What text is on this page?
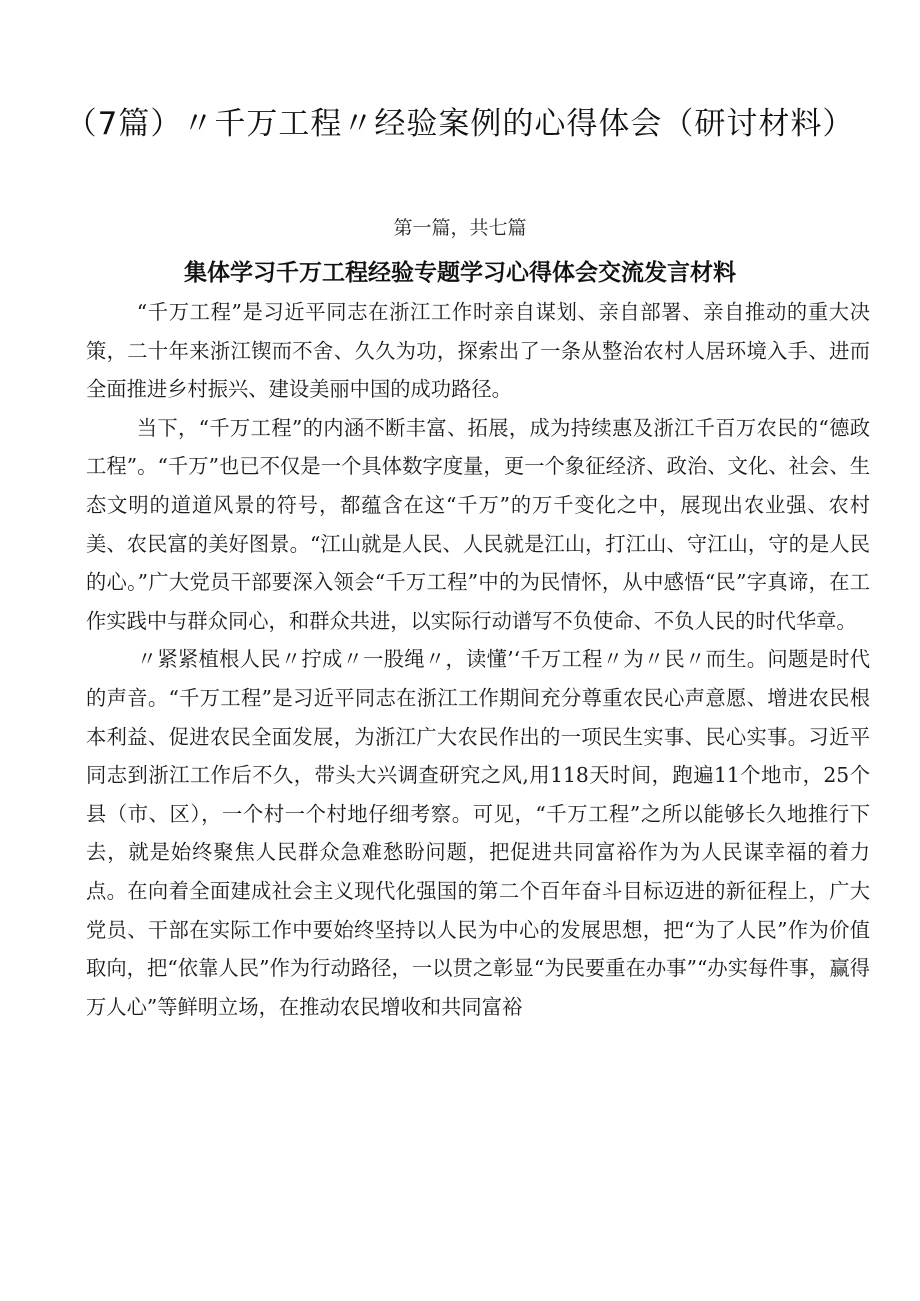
（7篇）〃千万工程〃经验案例的心得体会（研讨材料）
第一篇，共七篇
集体学习千万工程经验专题学习心得体会交流发言材料

“千万工程”是习近平同志在浙江工作时亲自谋划、亲自部署、亲自推动的重大决策，二十年来浙江锲而不舍、久久为功，探索出了一条从整治农村人居环境入手、进而全面推进乡村振兴、建设美丽中国的成功路径。

当下，“千万工程”的内涵不断丰富、拓展，成为持续惠及浙江千百万农民的“德政工程”。“千万”也已不仅是一个具体数字度量，更一个象征经济、政治、文化、社会、生态文明的道道风景的符号，都蕴含在这“千万”的万千变化之中，展现出农业强、农村美、农民富的美好图景。“江山就是人民、人民就是江山，打江山、守江山，守的是人民的心。”广大党员干部要深入领会“千万工程”中的为民情怀，从中感悟“民”字真谛，在工作实践中与群众同心，和群众共进，以实际行动谱写不负使命、不负人民的时代华章。

〃紧紧植根人民〃拧成〃一股绳〃，读懂’‘千万工程〃为〃民〃而生。问题是时代的声音。“千万工程”是习近平同志在浙江工作期间充分尊重农民心声意愿、增进农民根本利益、促进农民全面发展，为浙江广大农民作出的一项民生实事、民心实事。习近平同志到浙江工作后不久，带头大兴调查研究之风,用118天时间，跑遍11个地市，25个县（市、区），一个村一个村地仔细考察。可见，“千万工程”之所以能够长久地推行下去，就是始终聚焦人民群众急难愁盼问题，把促进共同富裕作为为人民谋幸福的着力点。在向着全面建成社会主义现代化强国的第二个百年奋斗目标迈进的新征程上，广大党员、干部在实际工作中要始终坚持以人民为中心的发展思想，把“为了人民”作为价值取向，把“依靠人民”作为行动路径，一以贯之彰显“为民要重在办事”“办实每件事，赢得万人心”等鲜明立场，在推动农民增收和共同富裕
